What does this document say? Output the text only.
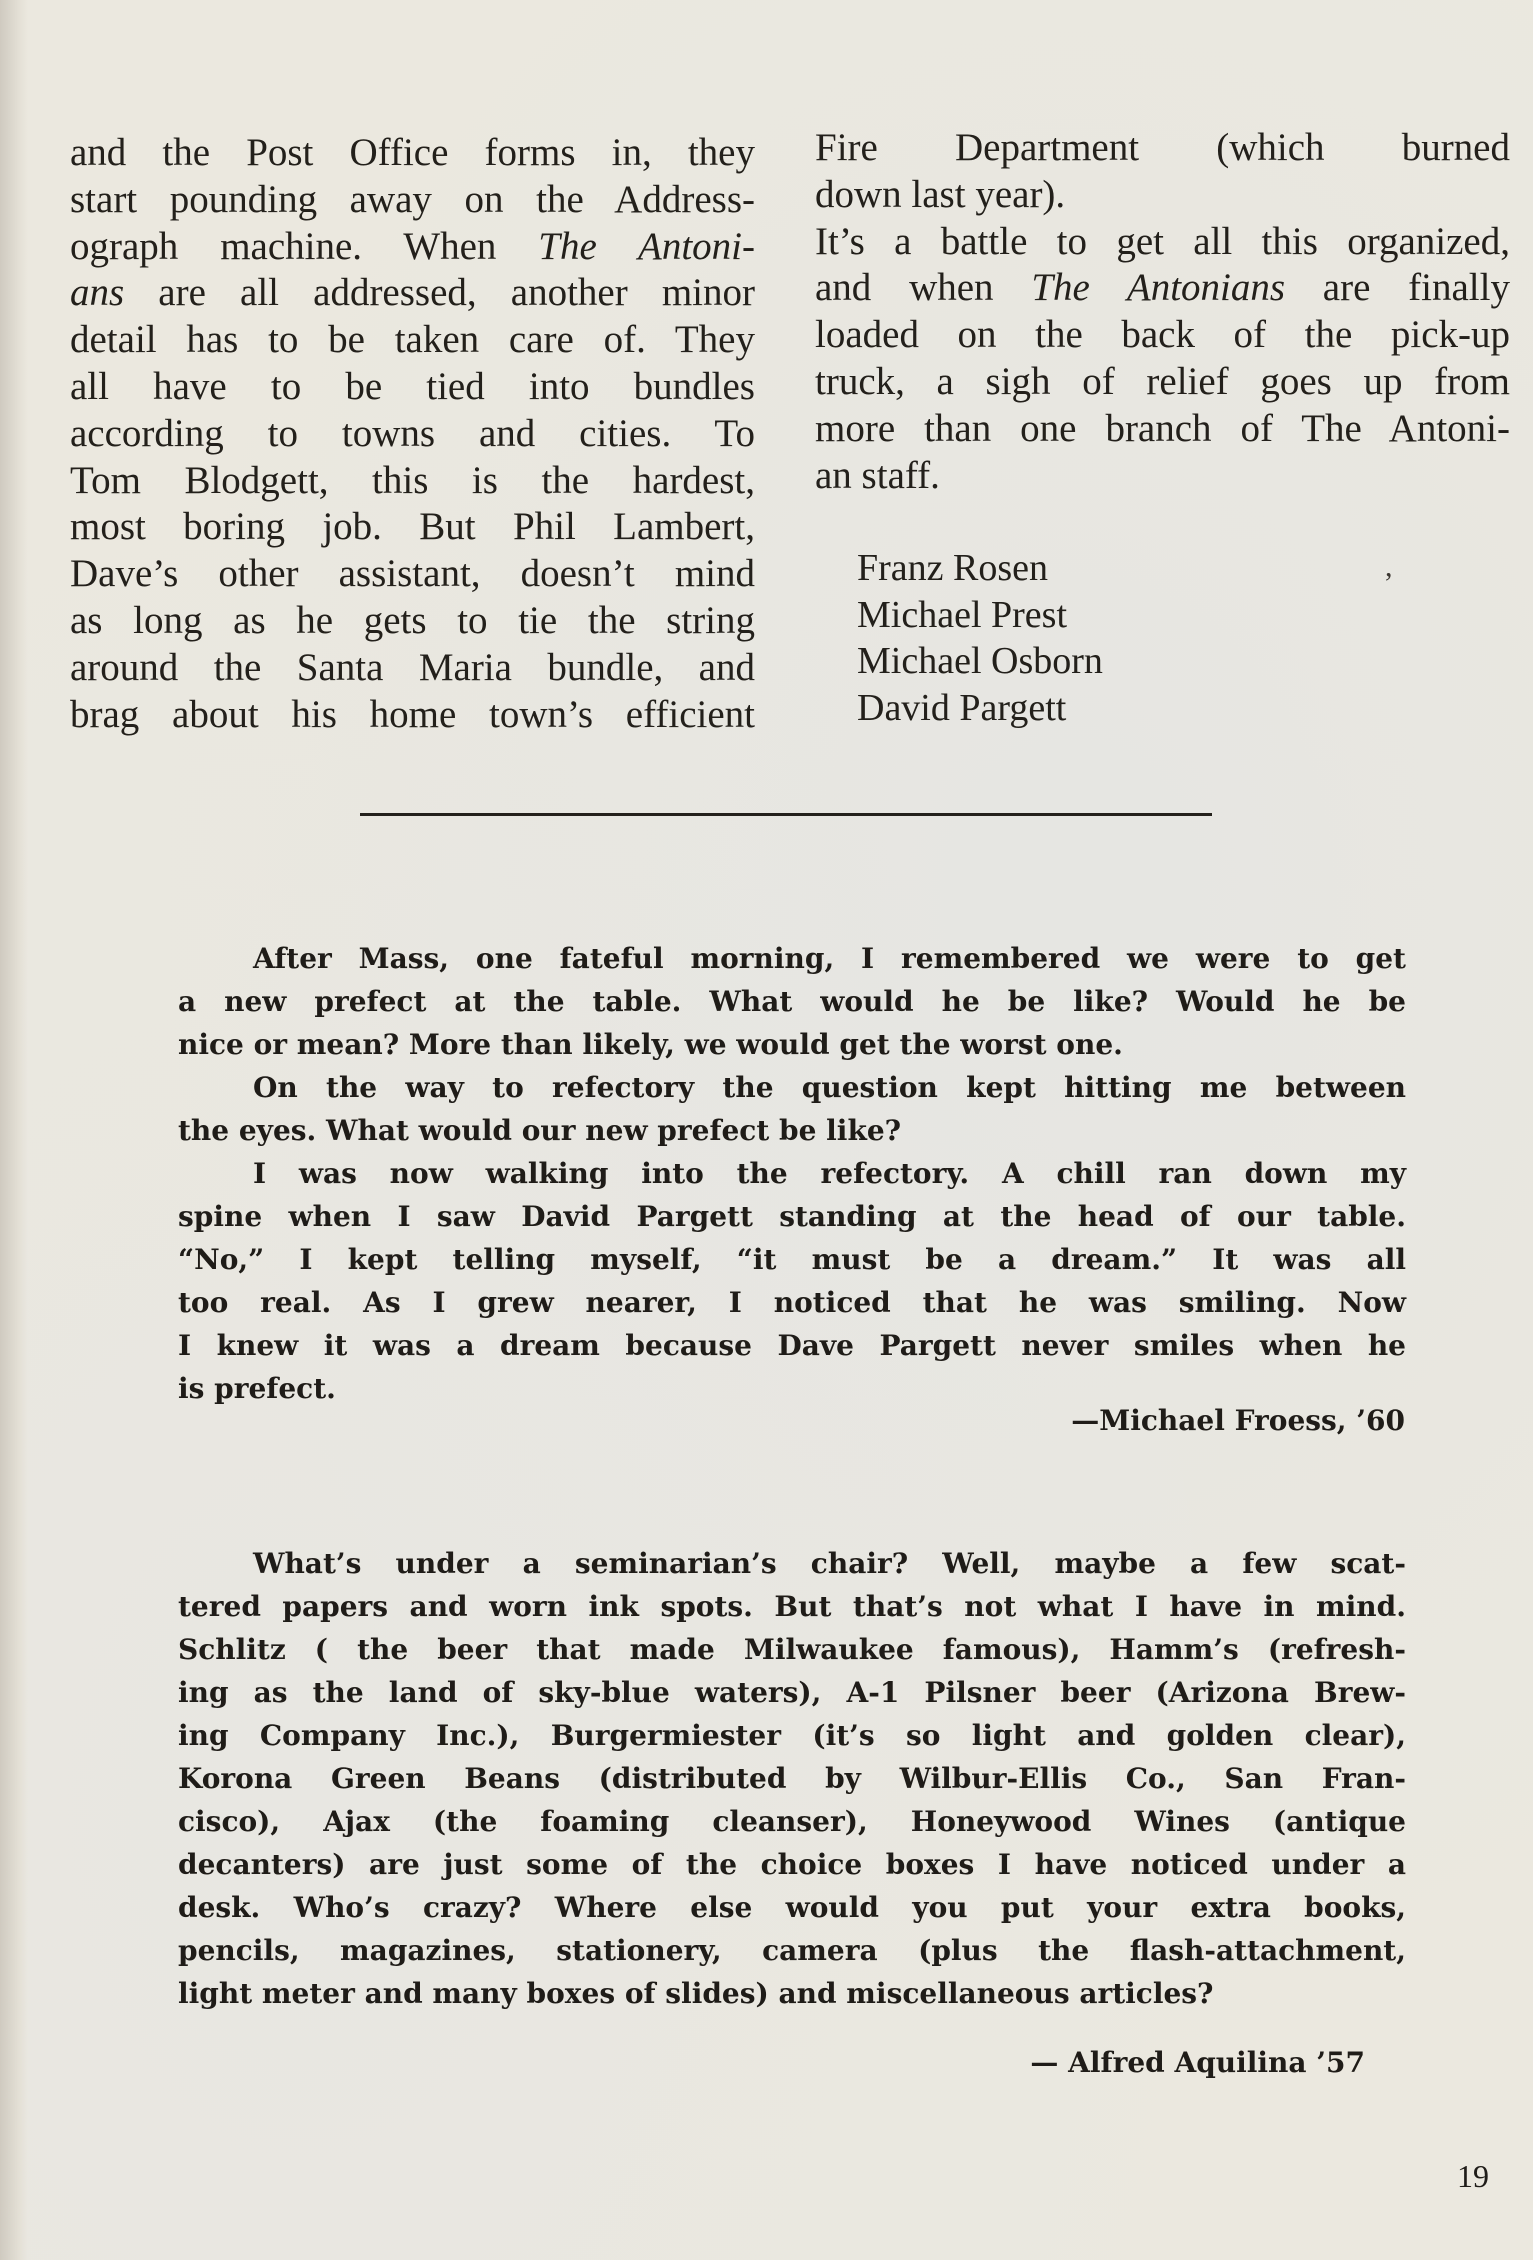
and the Post Office forms in, they
start pounding away on the Address-
ograph machine. When The Antoni-
ans are all addressed, another minor
detail has to be taken care of. They
all have to be tied into bundles
according to towns and cities. To
Tom Blodgett, this is the hardest,
most boring job. But Phil Lambert,
Dave’s other assistant, doesn’t mind
as long as he gets to tie the string
around the Santa Maria bundle, and
brag about his home town’s efficient
Fire Department (which burned
down last year).
It’s a battle to get all this organized,
and when The Antonians are finally
loaded on the back of the pick-up
truck, a sigh of relief goes up from
more than one branch of The Antoni-
an staff.
Franz Rosen
Michael Prest
Michael Osborn
David Pargett
,
After Mass, one fateful morning, I remembered we were to get
a new prefect at the table. What would he be like? Would he be
nice or mean? More than likely, we would get the worst one.
On the way to refectory the question kept hitting me between
the eyes. What would our new prefect be like?
I was now walking into the refectory. A chill ran down my
spine when I saw David Pargett standing at the head of our table.
“No,” I kept telling myself, “it must be a dream.” It was all
too real. As I grew nearer, I noticed that he was smiling. Now
I knew it was a dream because Dave Pargett never smiles when he
is prefect.
—Michael Froess, ’60
What’s under a seminarian’s chair? Well, maybe a few scat-
tered papers and worn ink spots. But that’s not what I have in mind.
Schlitz ( the beer that made Milwaukee famous), Hamm’s (refresh-
ing as the land of sky-blue waters), A-1 Pilsner beer (Arizona Brew-
ing Company Inc.), Burgermiester (it’s so light and golden clear),
Korona Green Beans (distributed by Wilbur-Ellis Co., San Fran-
cisco), Ajax (the foaming cleanser), Honeywood Wines (antique
decanters) are just some of the choice boxes I have noticed under a
desk. Who’s crazy? Where else would you put your extra books,
pencils, magazines, stationery, camera (plus the flash-attachment,
light meter and many boxes of slides) and miscellaneous articles?
— Alfred Aquilina ’57
19
